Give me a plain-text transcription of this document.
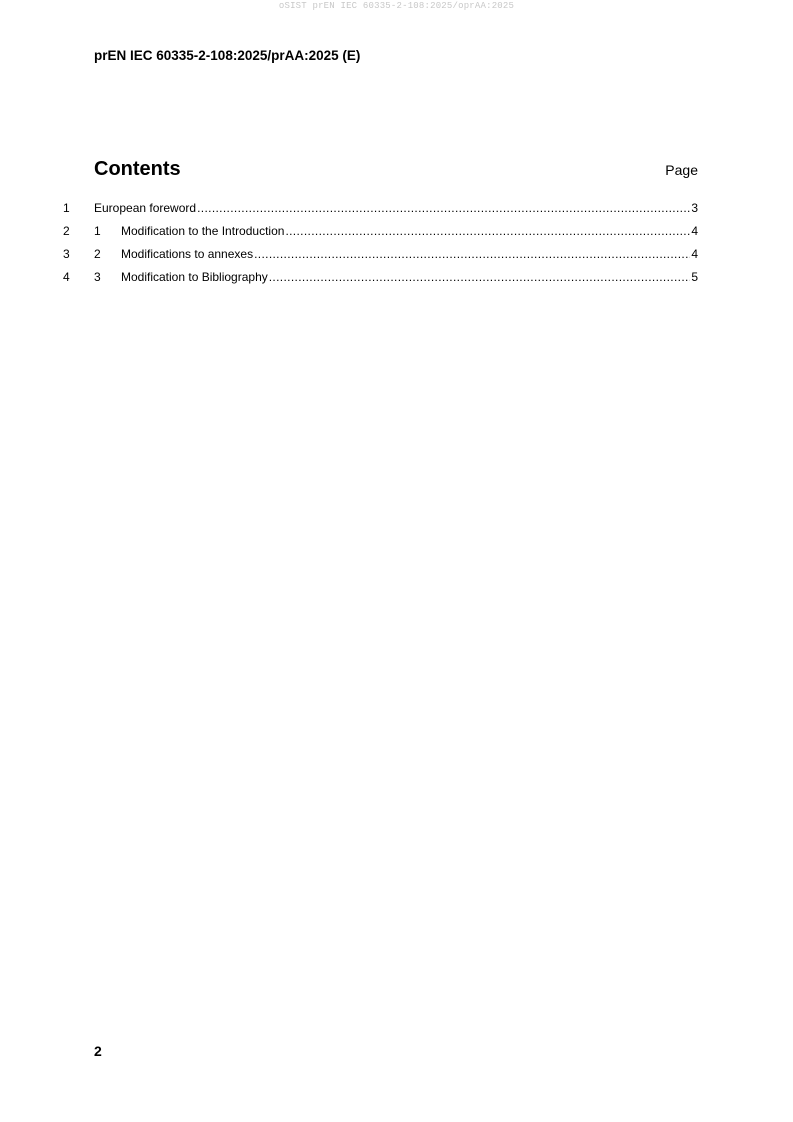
oSIST prEN IEC 60335-2-108:2025/oprAA:2025
prEN IEC 60335-2-108:2025/prAA:2025 (E)
Contents	Page
1 European foreword .....	3
2 1	Modification to the Introduction .....	4
3 2	Modifications to annexes .....	4
4 3	Modification to Bibliography .....	5
2
